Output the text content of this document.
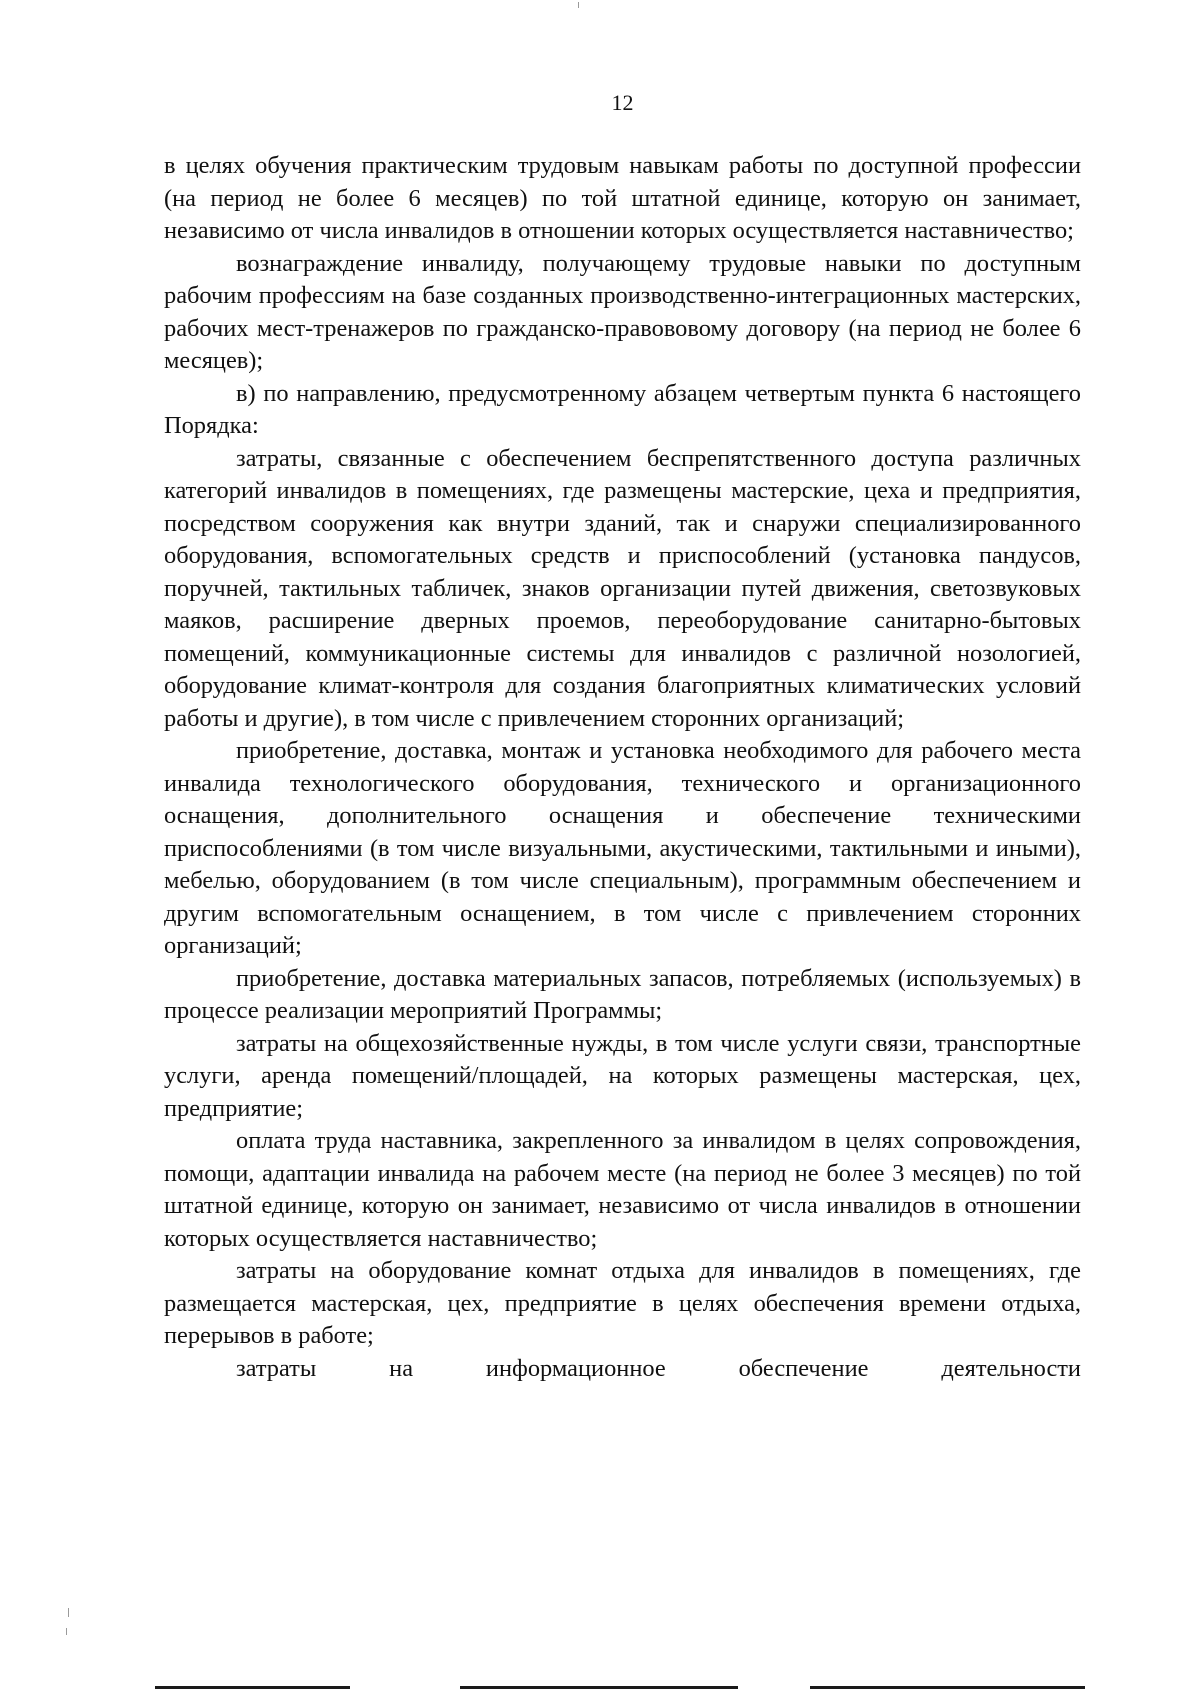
12

в целях обучения практическим трудовым навыкам работы по доступной профессии (на период не более 6 месяцев) по той штатной единице, которую он занимает, независимо от числа инвалидов в отношении которых осуществляется наставничество;

вознаграждение инвалиду, получающему трудовые навыки по доступным рабочим профессиям на базе созданных производственно-интеграционных мастерских, рабочих мест-тренажеров по гражданско-правововому договору (на период не более 6 месяцев);

в) по направлению, предусмотренному абзацем четвертым пункта 6 настоящего Порядка:

затраты, связанные с обеспечением беспрепятственного доступа различных категорий инвалидов в помещениях, где размещены мастерские, цеха и предприятия, посредством сооружения как внутри зданий, так и снаружи специализированного оборудования, вспомогательных средств и приспособлений (установка пандусов, поручней, тактильных табличек, знаков организации путей движения, светозвуковых маяков, расширение дверных проемов, переоборудование санитарно-бытовых помещений, коммуникационные системы для инвалидов с различной нозологией, оборудование климат-контроля для создания благоприятных климатических условий работы и другие), в том числе с привлечением сторонних организаций;

приобретение, доставка, монтаж и установка необходимого для рабочего места инвалида технологического оборудования, технического и организационного оснащения, дополнительного оснащения и обеспечение техническими приспособлениями (в том числе визуальными, акустическими, тактильными и иными), мебелью, оборудованием (в том числе специальным), программным обеспечением и другим вспомогательным оснащением, в том числе с привлечением сторонних организаций;

приобретение, доставка материальных запасов, потребляемых (используемых) в процессе реализации мероприятий Программы;

затраты на общехозяйственные нужды, в том числе услуги связи, транспортные услуги, аренда помещений/площадей, на которых размещены мастерская, цех, предприятие;

оплата труда наставника, закрепленного за инвалидом в целях сопровождения, помощи, адаптации инвалида на рабочем месте (на период не более 3 месяцев) по той штатной единице, которую он занимает, независимо от числа инвалидов в отношении которых осуществляется наставничество;

затраты на оборудование комнат отдыха для инвалидов в помещениях, где размещается мастерская, цех, предприятие в целях обеспечения времени отдыха, перерывов в работе;

затраты на информационное обеспечение деятельности
